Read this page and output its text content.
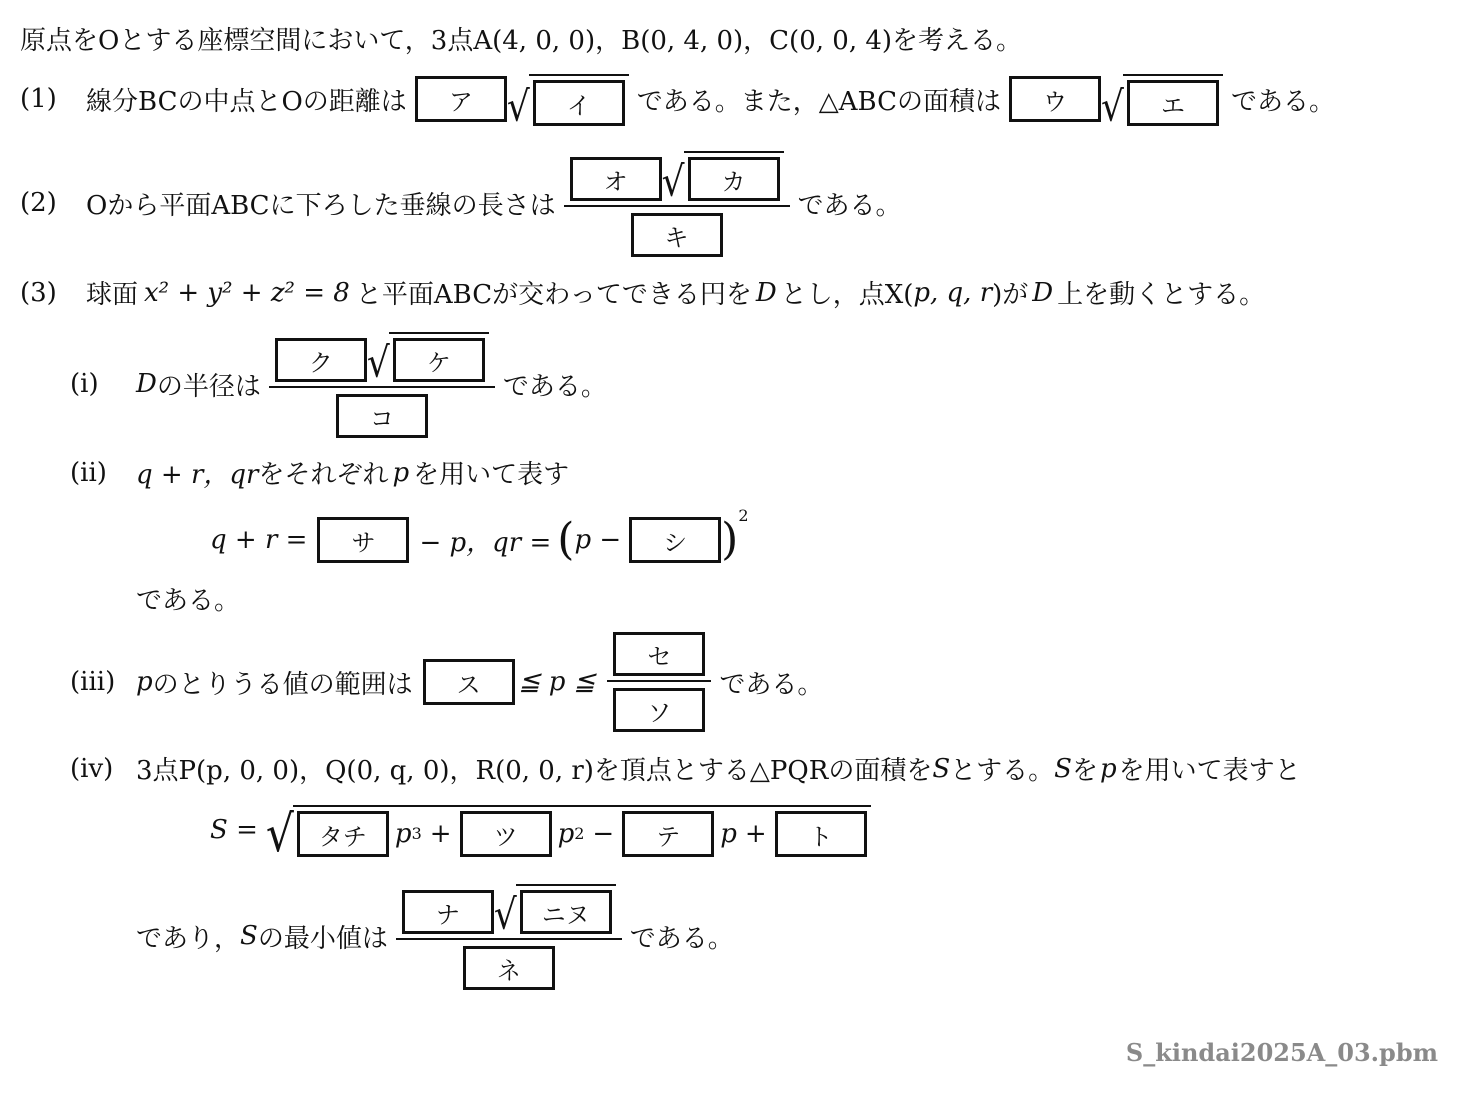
原点をOとする座標空間において，3点A(4, 0, 0)，B(0, 4, 0)，C(0, 0, 4)を考える。
(1)	線分BCの中点とOの距離は	ア √	イ	である。また，△ABCの面積は	ウ √	エ	である。
(2)	Oから平面ABCに下ろした垂線の長さは オ √	カ
キ である。
(3)	球面 x² + y² + z² = 8 と平面ABCが交わってできる円を D とし，点X( p, q, r )が D 上を動くとする。
(i)	D の半径は ク √	ケ
コ である。
(ii)	q + r，qr をそれぞれ p を用いて表す
q + r =	サ	− p，qr = ( p −	シ ) 2
である。
(iii) p のとりうる値の範囲は	ス	≦ p ≦ $\frac{\text{セ}}{\text{ソ}}$ である。
(iv) 3点P(p, 0, 0)，Q(0, q, 0)，R(0, 0, r)を頂点とする△PQRの面積を S とする。 S を p を用いて表すと
S = √	タチ	p 3 +	ツ	p 2 −	テ	p +	ト
であり， S の最小値は ナ √	ニヌ
ネ である。
S_kindai2025A_03.pbm
